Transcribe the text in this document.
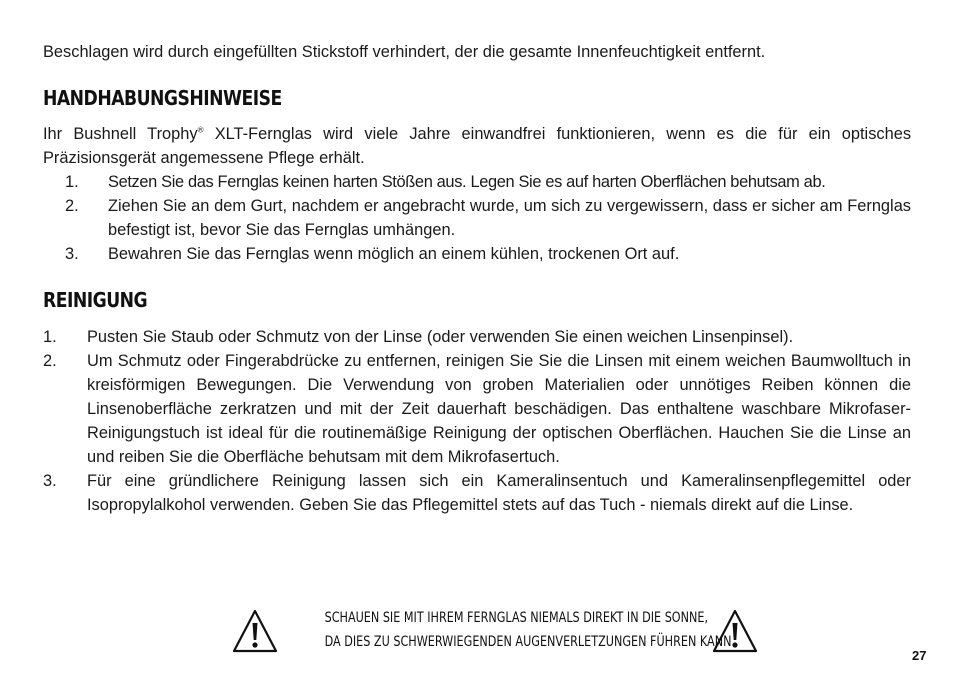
Beschlagen wird durch eingefüllten Stickstoff verhindert, der die gesamte Innenfeuchtigkeit entfernt.

HANDHABUNGSHINWEISE

Ihr Bushnell Trophy® XLT-Fernglas wird viele Jahre einwandfrei funktionieren, wenn es die für ein optisches Präzisionsgerät angemessene Pflege erhält.

1.	Setzen Sie das Fernglas keinen harten Stößen aus. Legen Sie es auf harten Oberflächen behutsam ab.
2.	Ziehen Sie an dem Gurt, nachdem er angebracht wurde, um sich zu vergewissern, dass er sicher am Fernglas befestigt ist, bevor Sie das Fernglas umhängen.
3.	Bewahren Sie das Fernglas wenn möglich an einem kühlen, trockenen Ort auf.
REINIGUNG
1.	Pusten Sie Staub oder Schmutz von der Linse (oder verwenden Sie einen weichen Linsenpinsel).
2.	Um Schmutz oder Fingerabdrücke zu entfernen, reinigen Sie Sie die Linsen mit einem weichen Baumwolltuch in kreisförmigen Bewegungen. Die Verwendung von groben Materialien oder unnötiges Reiben können die Linsenoberfläche zerkratzen und mit der Zeit dauerhaft beschädigen. Das enthaltene waschbare Mikrofaser-Reinigungstuch ist ideal für die routinemäßige Reinigung der optischen Oberflächen. Hauchen Sie die Linse an und reiben Sie die Oberfläche behutsam mit dem Mikrofasertuch.
3.	Für eine gründlichere Reinigung lassen sich ein Kameralinsentuch und Kameralinsenpflegemittel oder Isopropylalkohol verwenden. Geben Sie das Pflegemittel stets auf das Tuch - niemals direkt auf die Linse.
SCHAUEN SIE MIT IHREM FERNGLAS NIEMALS DIREKT IN DIE SONNE,
DA DIES ZU SCHWERWIEGENDEN AUGENVERLETZUNGEN FÜHREN KANN
27
